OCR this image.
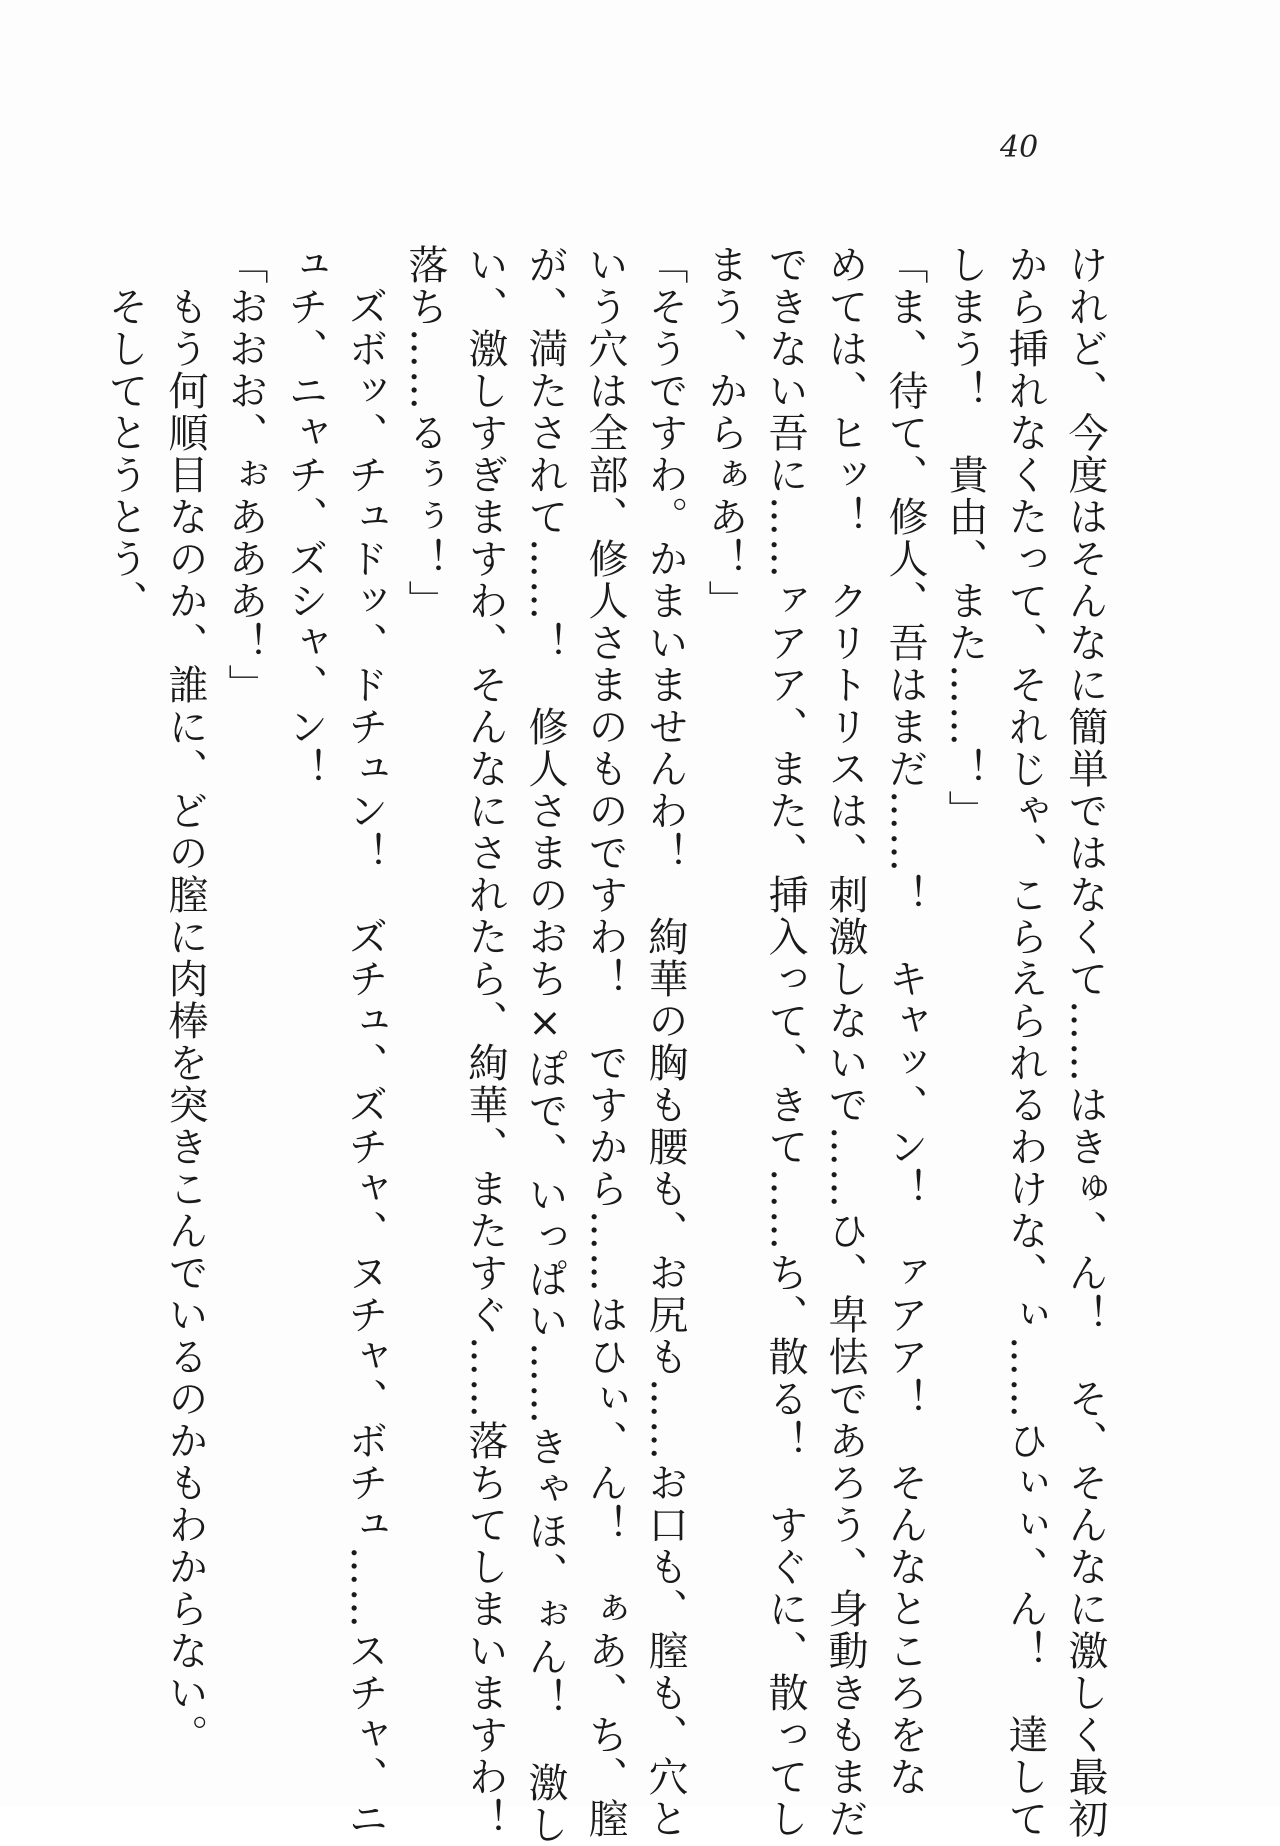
40
けれど、今度はそんなに簡単ではなくて……はきゅ、ん！　そ、そんなに激しく最初
から挿れなくたって、それじゃ、こらえられるわけな、ぃ……ひぃぃ、ん！　達して
しまう！　貴由、また……！」
「ま、待て、修人、吾はまだ……！　キャッ、ン！　ァアア！　そんなところをな
めては、ヒッ！　クリトリスは、刺激しないで……ひ、卑怯であろう、身動きもまだ
できない吾に……ァアア、また、挿入って、きて……ち、散る！　すぐに、散ってし
まう、からぁあ！」
「そうですわ。かまいませんわ！　絢華の胸も腰も、お尻も……お口も、膣も、穴と
いう穴は全部、修人さまのものですわ！　ですから……はひぃ、ん！　ぁあ、ち、膣
が、満たされて……！　修人さまのおち×ぽで、いっぱい……きゃほ、ぉん！　激し
い、激しすぎますわ、そんなにされたら、絢華、またすぐ……落ちてしまいますわ！
落ち……るぅぅ！」
　ズボッ、チュドッ、ドチュン！　ズチュ、ズチャ、ヌチャ、ボチュ……スチャ、ニ
ュチ、ニャチ、ズシャ、ン！
「おおお、ぉあああ！」
　もう何順目なのか、誰に、どの膣に肉棒を突きこんでいるのかもわからない。
　そしてとうとう、
